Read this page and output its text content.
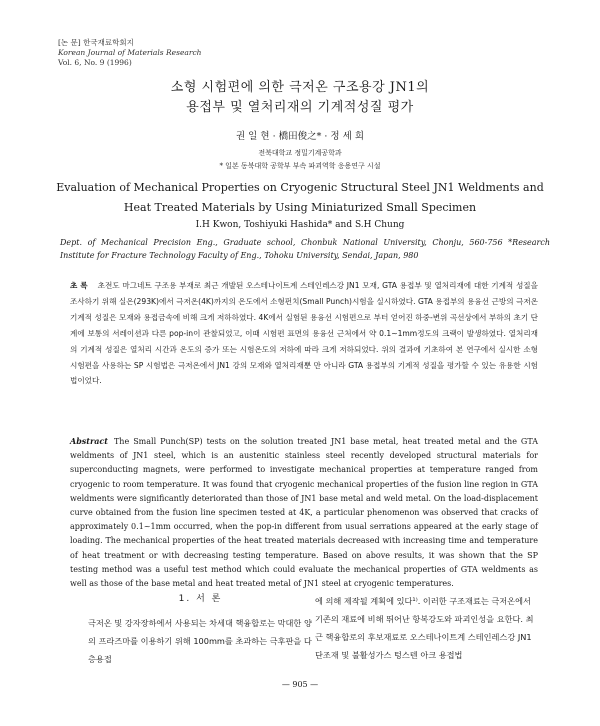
[논 문] 한국재료학회지
Korean Journal of Materials Research
Vol. 6, No. 9 (1996)
소형 시험편에 의한 극저온 구조용강 JN1의
용접부 및 열처리재의 기계적성질 평가
권 일 현 · 橋田俊之* · 정 세 희
전북대학교 정밀기계공학과
* 일본 동북대학 공학부 부속 파괴역학 응용연구 시설
Evaluation of Mechanical Properties on Cryogenic Structural Steel JN1 Weldments and
Heat Treated Materials by Using Miniaturized Small Specimen
I.H Kwon, Toshiyuki Hashida* and S.H Chung
Dept. of Mechanical Precision Eng., Graduate school, Chonbuk National University, Chonju, 560-756 *Research Institute for Fracture Technology Faculty of Eng., Tohoku University, Sendai, Japan, 980
초 록 초전도 마그네트 구조용 부재로 최근 개발된 오스테나이트계 스테인레스강 JN1 모재, GTA 용접부 및 열처리재에 대한 기계적 성질을 조사하기 위해 실온(293K)에서 극저온(4K)까지의 온도에서 소형펀치(Small Punch)시험을 실시하였다. GTA 용접부의 용융선 근방의 극저온 기계적 성질은 모재와 용접금속에 비해 크게 저하하였다. 4K에서 실험된 용융선 시험편으로 부터 얻어진 하중-변위 곡선상에서 부하의 초기 단계에 보통의 서레이션과 다른 pop-in이 관찰되었고, 이때 시험편 표면의 용융선 근처에서 약 0.1~1mm정도의 크랙이 발생하였다. 열처리재의 기계적 성질은 열처리 시간과 온도의 증가 또는 시험온도의 저하에 따라 크게 저하되었다. 위의 결과에 기초하여 본 연구에서 실시한 소형 시험편을 사용하는 SP 시험법은 극저온에서 JN1 강의 모재와 열처리재뿐 만 아니라 GTA 용접부의 기계적 성질을 평가할 수 있는 유용한 시험법이었다.
Abstract The Small Punch(SP) tests on the solution treated JN1 base metal, heat treated metal and the GTA weldments of JN1 steel, which is an austenitic stainless steel recently developed structural materials for superconducting magnets, were performed to investigate mechanical properties at temperature ranged from cryogenic to room temperature. It was found that cryogenic mechanical properties of the fusion line region in GTA weldments were significantly deteriorated than those of JN1 base metal and weld metal. On the load-displacement curve obtained from the fusion line specimen tested at 4K, a particular phenomenon was observed that cracks of approximately 0.1~1mm occurred, when the pop-in different from usual serrations appeared at the early stage of loading. The mechanical properties of the heat treated materials decreased with increasing time and temperature of heat treatment or with decreasing testing temperature. Based on above results, it was shown that the SP testing method was a useful test method which could evaluate the mechanical properties of GTA weldments as well as those of the base metal and heat treated metal of JN1 steel at cryogenic temperatures.
1. 서 론
극저온 및 강자장하에서 사용되는 차세대 핵융합로는 막대한 양의 프라즈마를 이용하기 위해 100mm를 초과하는 극후판을 다층용접
에 의해 제작될 계획에 있다¹⁾. 이러한 구조재료는 극저온에서 기존의 재료에 비해 뛰어난 항복강도와 파괴인성을 요한다. 최근 핵융합로의 후보재료로 오스테나이트계 스테인레스강 JN1단조재 및 불활성가스 텅스텐 아크 용접법
— 905 —
